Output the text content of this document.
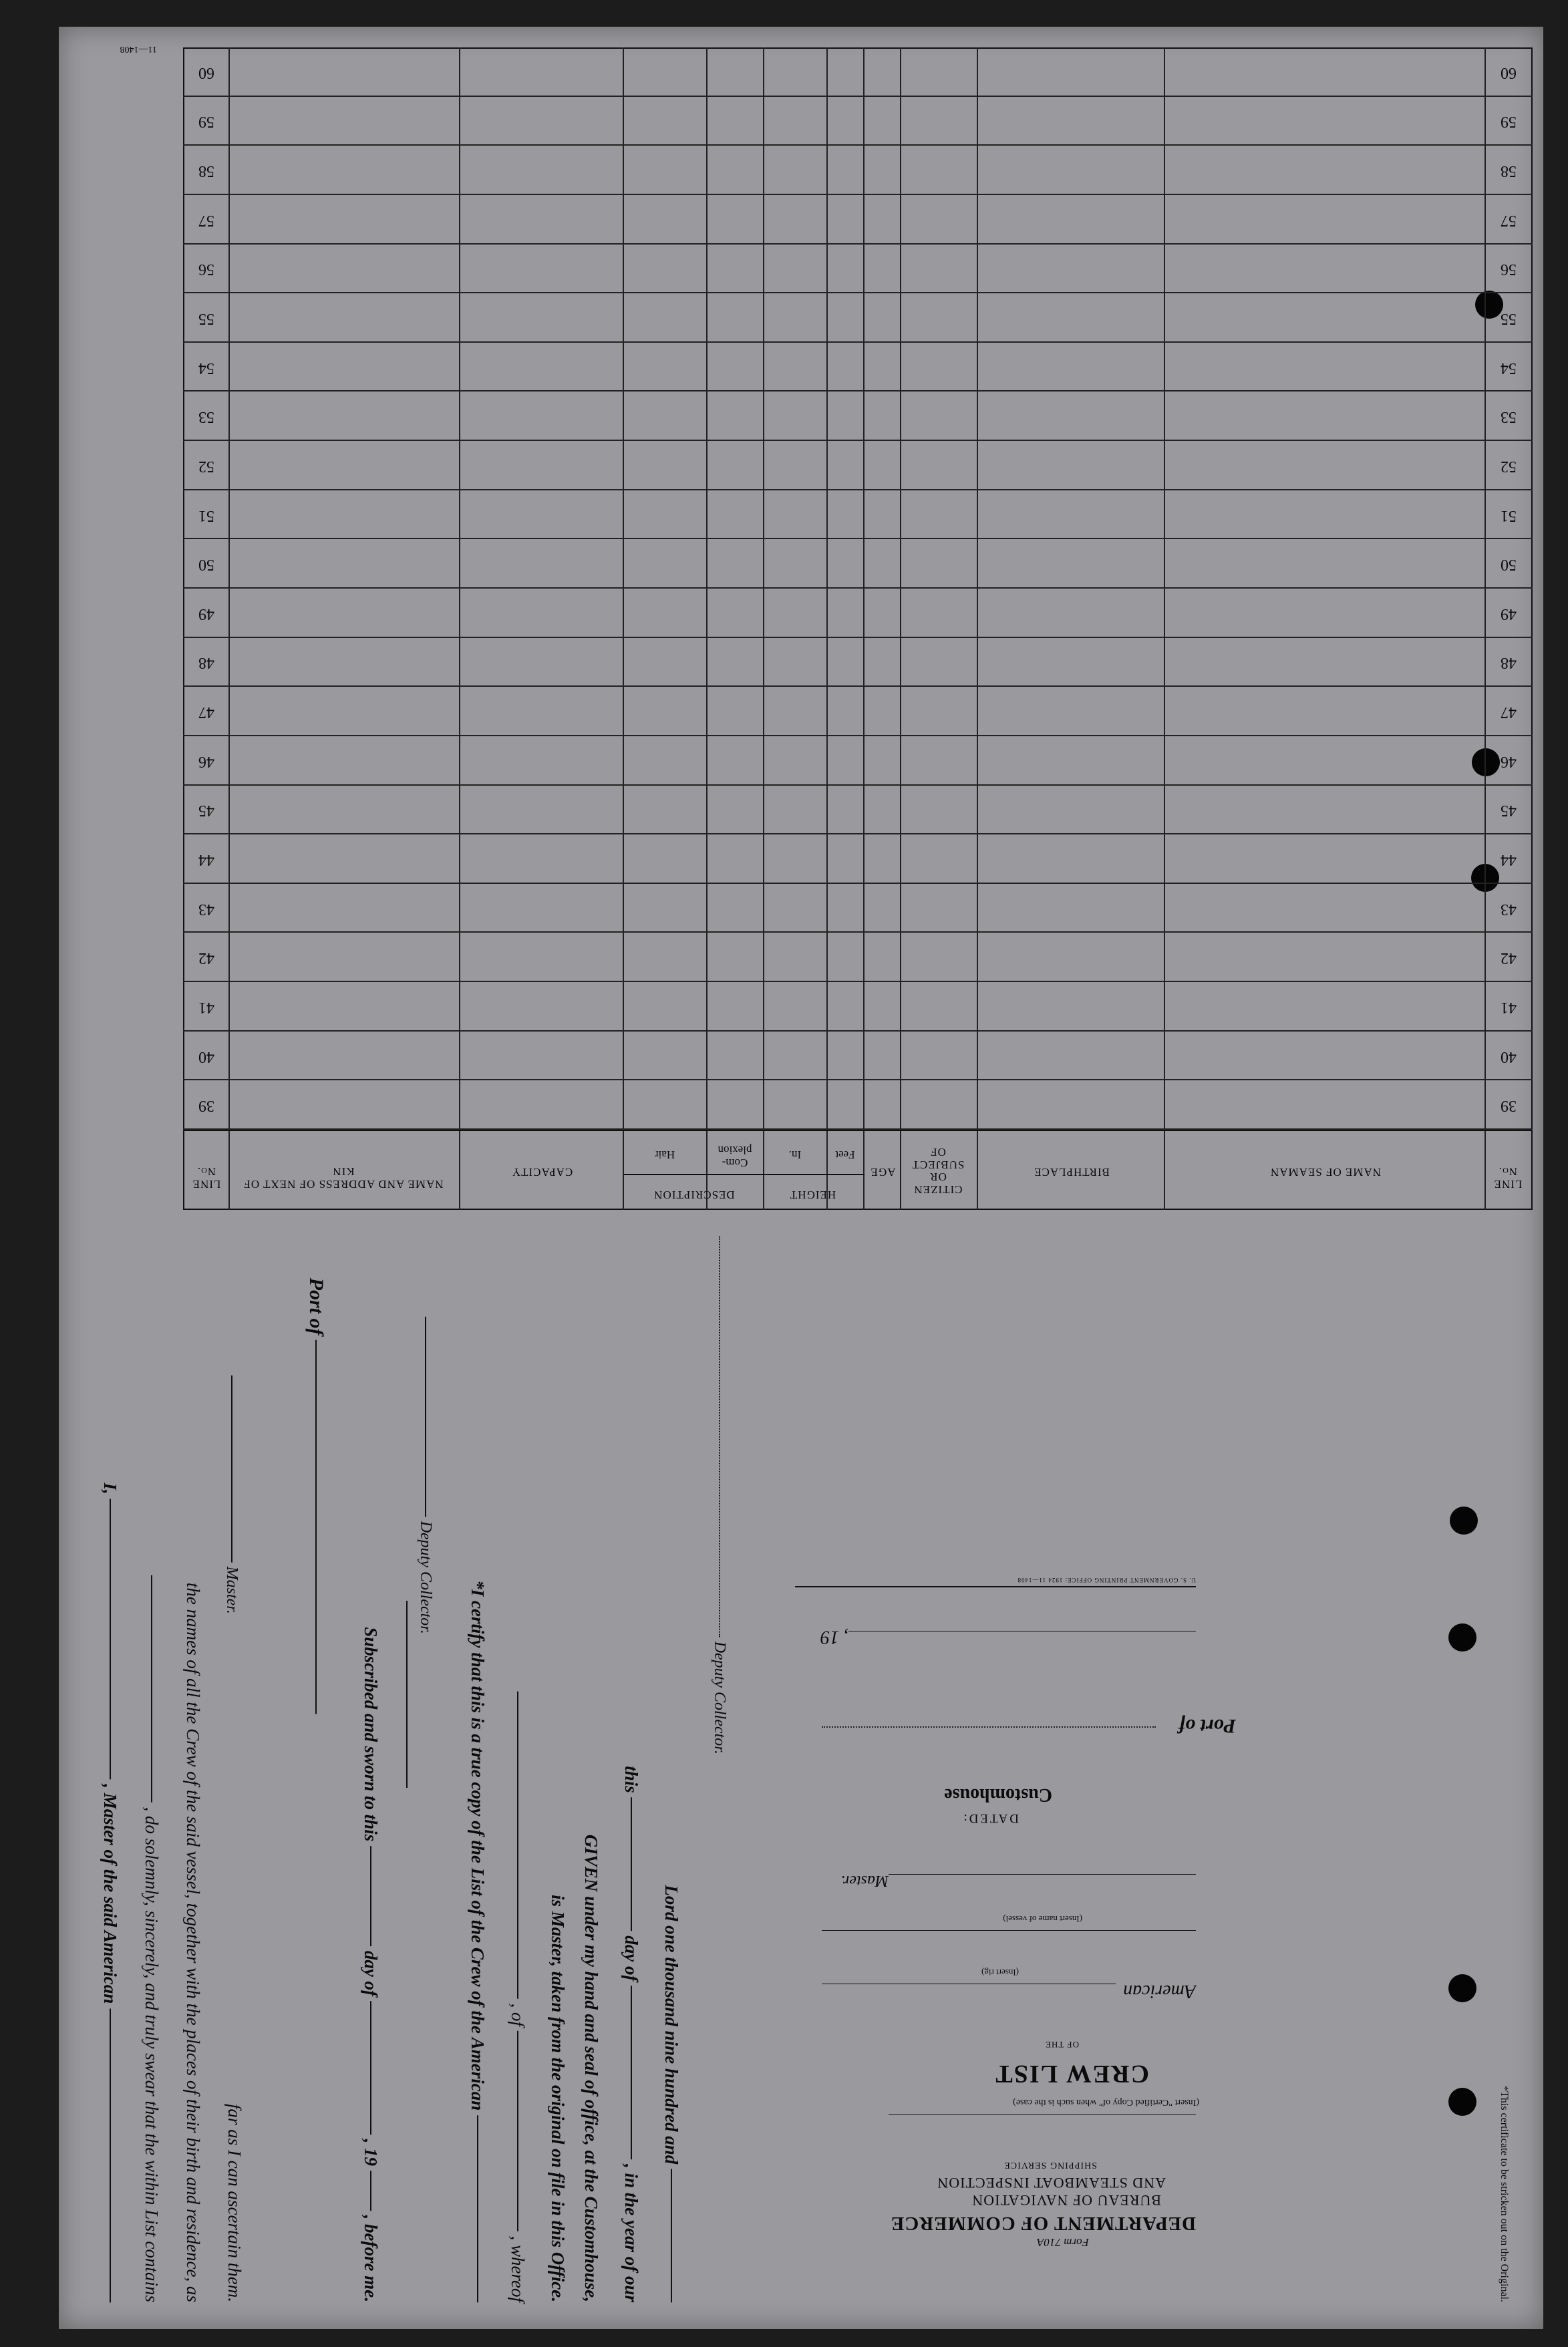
LINE No.
NAME OF SEAMAN
BIRTHPLACE
CITIZEN OR SUBJECT OF
AGE
HEIGHT
Feet
In.
DESCRIPTION
Com- plexion
Hair
CAPACITY
NAME AND ADDRESS OF NEXT OF KIN
LINE No.
39
39
40
40
41
41
42
42
43
43
44
44
45
45
46
46
47
47
48
48
49
49
50
50
51
51
52
52
53
53
54
54
55
55
56
56
57
57
58
58
59
59
60
60
11—1408
I,  , Master of the said American , do solemnly, sincerely, and truly swear that the within List contains the names of all the Crew of the said vessel, together with the places of their birth and residence, as far as I can ascertain them.
Master.
Port of
Subscribed and sworn to this  day of  , 19  , before me.
Deputy Collector.
*I certify that this is a true copy of the List of the Crew of the American , of  , whereof is Master, taken from the original on file in this Office. GIVEN under my hand and seal of office, at the Customhouse,
this  day of  , in the year of our
Lord one thousand nine hundred and
Deputy Collector.
*This certificate to be stricken out on the Original.
Form 710A
DEPARTMENT OF COMMERCE
BUREAU OF NAVIGATION
AND STEAMBOAT INSPECTION
SHIPPING SERVICE
(Insert "Certified Copy of" when such is the case)
CREW LIST
OF THE
American
(Insert rig)
(Insert name of vessel)
Master.
DATED:
Customhouse
Port of
, 19
U. S. GOVERNMENT PRINTING OFFICE: 1924 11—1408
